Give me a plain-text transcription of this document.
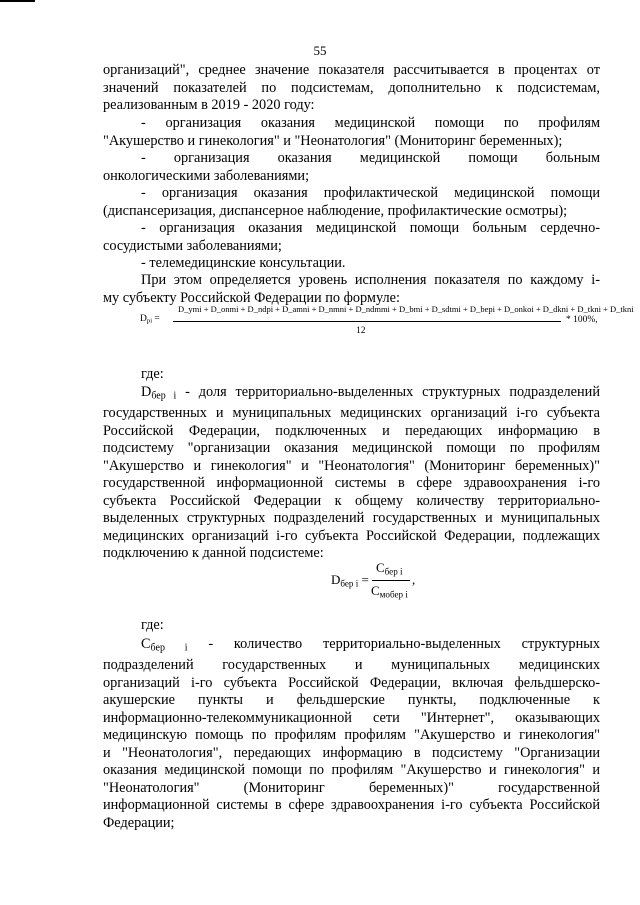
55
организаций", среднее значение показателя рассчитывается в процентах от
значений показателей по подсистемам, дополнительно к подсистемам,
реализованным в 2019 - 2020 году:
- организация оказания медицинской помощи по профилям
"Акушерство и гинекология" и "Неонатология" (Мониторинг беременных);
- организация оказания медицинской помощи больным
онкологическими заболеваниями;
- организация оказания профилактической медицинской помощи
(диспансеризация, диспансерное наблюдение, профилактические осмотры);
- организация оказания медицинской помощи больным сердечно-
сосудистыми заболеваниями;
- телемедицинские консультации.
При этом определяется уровень исполнения показателя по каждому i-
му субъекту Российской Федерации по формуле:
$D_{pi}$ =
D_ymi + D_onmi + D_ndpi + D_amni + D_nmni + D_ndmmi + D_bmi + D_sdtmi + D_bepi + D_onkoi + D_dkni + D_tkni + D_tkni
12
* 100%,
где:
$D_{бер i}$ - доля территориально-выделенных структурных подразделений
государственных и муниципальных медицинских организаций i-го субъекта
Российской Федерации, подключенных и передающих информацию в
подсистему "организации оказания медицинской помощи по профилям
"Акушерство и гинекология" и "Неонатология" (Мониторинг беременных)"
государственной информационной системы в сфере здравоохранения i-го
субъекта Российской Федерации к общему количеству территориально-
выделенных структурных подразделений государственных и муниципальных
медицинских организаций i-го субъекта Российской Федерации, подлежащих
подключению к данной подсистеме:
$D_{бер i}$ =
$C_{бер i}$
$C_{мобер i}$
,
где:
$C_{бер i}$ - количество территориально-выделенных структурных
подразделений государственных и муниципальных медицинских
организаций i-го субъекта Российской Федерации, включая фельдшерско-
акушерские пункты и фельдшерские пункты, подключенные к
информационно-телекоммуникационной сети "Интернет", оказывающих
медицинскую помощь по профилям профилям "Акушерство и гинекология"
и "Неонатология", передающих информацию в подсистему "Организации
оказания медицинской помощи по профилям "Акушерство и гинекология" и
"Неонатология" (Мониторинг беременных)" государственной
информационной системы в сфере здравоохранения i-го субъекта Российской
Федерации;
